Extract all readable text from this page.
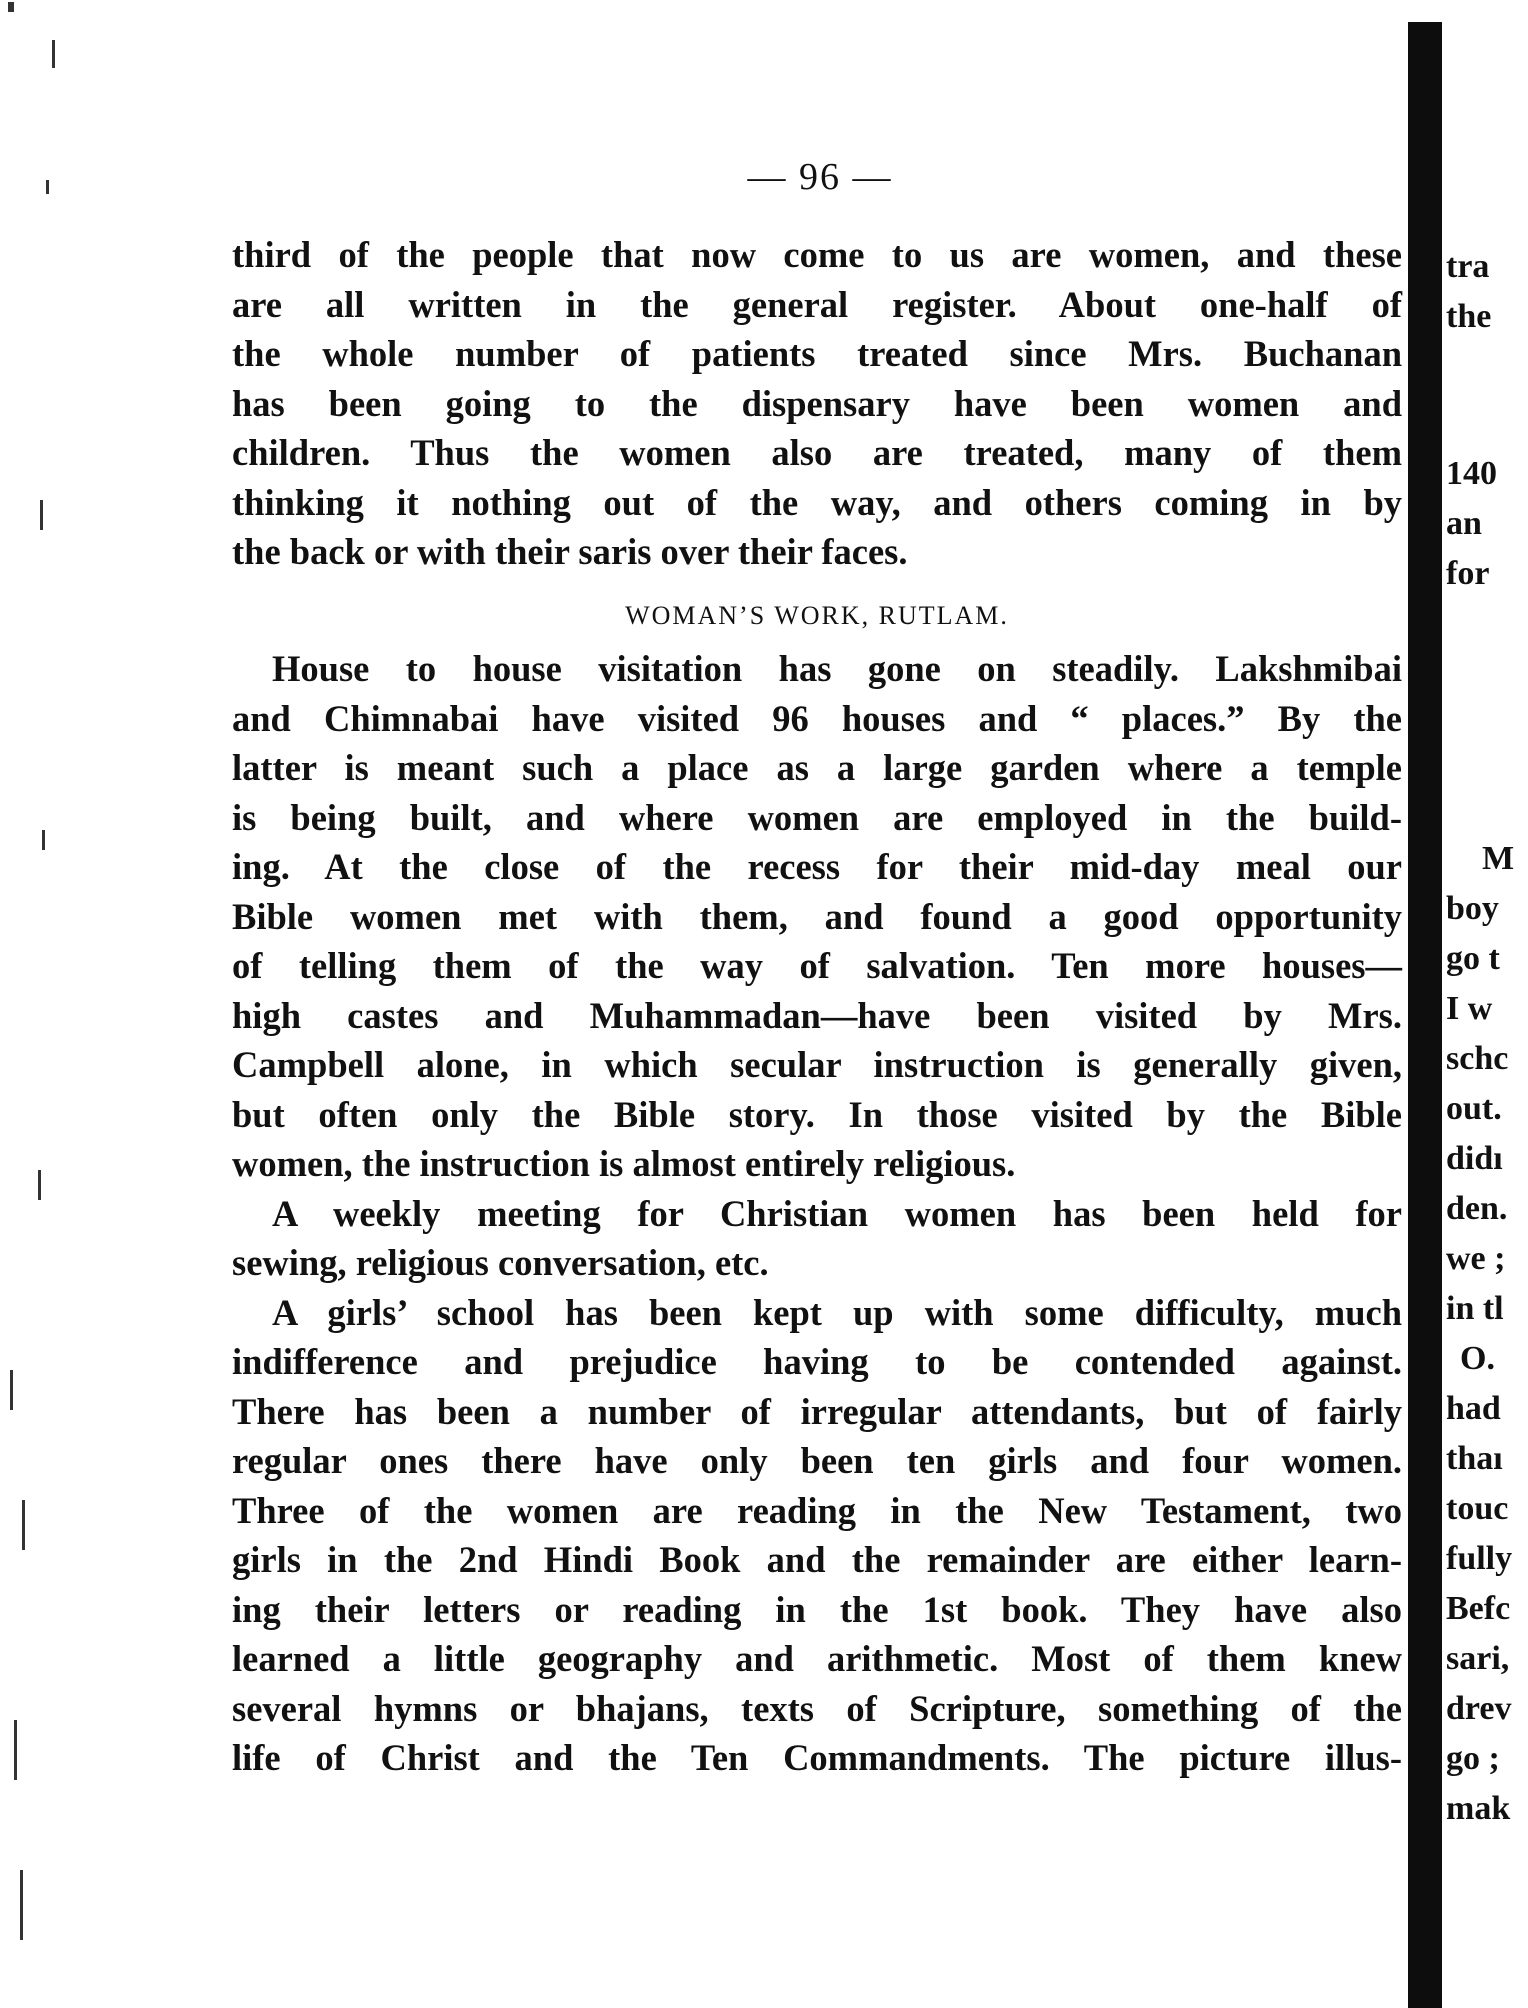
— 96 —
third of the people that now come to us are women, and these
are all written in the general register. About one-half of
the whole number of patients treated since Mrs. Buchanan
has been going to the dispensary have been women and
children. Thus the women also are treated, many of them
thinking it nothing out of the way, and others coming in by
the back or with their saris over their faces.
WOMAN’S WORK, RUTLAM.
House to house visitation has gone on steadily. Lakshmibai
and Chimnabai have visited 96 houses and “ places.” By the
latter is meant such a place as a large garden where a temple
is being built, and where women are employed in the build-
ing. At the close of the recess for their mid-day meal our
Bible women met with them, and found a good opportunity
of telling them of the way of salvation. Ten more houses—
high castes and Muhammadan—have been visited by Mrs.
Campbell alone, in which secular instruction is generally given,
but often only the Bible story. In those visited by the Bible
women, the instruction is almost entirely religious.
A weekly meeting for Christian women has been held for
sewing, religious conversation, etc.
A girls’ school has been kept up with some difficulty, much
indifference and prejudice having to be contended against.
There has been a number of irregular attendants, but of fairly
regular ones there have only been ten girls and four women.
Three of the women are reading in the New Testament, two
girls in the 2nd Hindi Book and the remainder are either learn-
ing their letters or reading in the 1st book. They have also
learned a little geography and arithmetic. Most of them knew
several hymns or bhajans, texts of Scripture, something of the
life of Christ and the Ten Commandments. The picture illus-
tra
the
140
an
for
M
boy
go t
I w
schc
out.
didı
den.
we ;
in tl
O.
had
thaı
touc
fully
Befc
sari,
drev
go ;
mak
